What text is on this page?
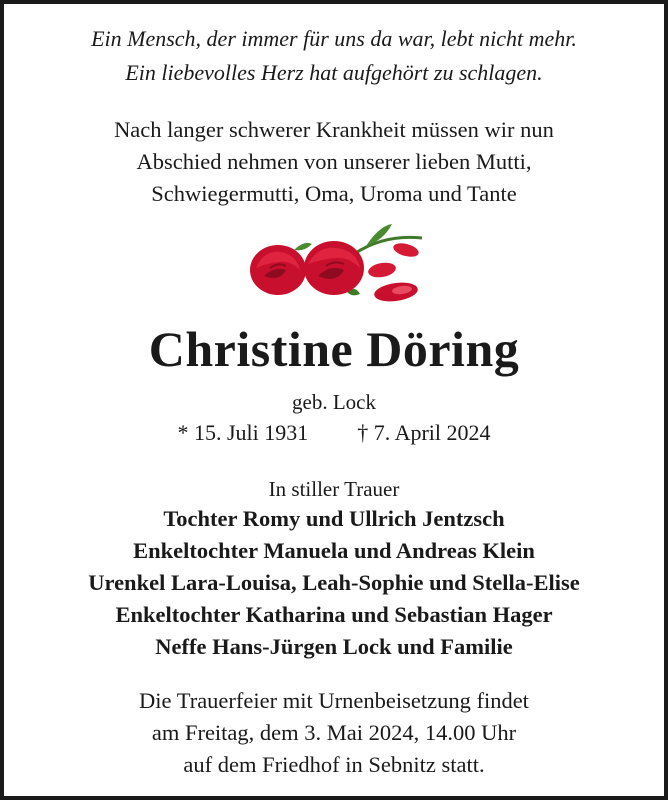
Ein Mensch, der immer für uns da war, lebt nicht mehr.
Ein liebevolles Herz hat aufgehört zu schlagen.
Nach langer schwerer Krankheit müssen wir nun
Abschied nehmen von unserer lieben Mutti,
Schwiegermutti, Oma, Uroma und Tante
Christine Döring
geb. Lock
* 15. Juli 1931 † 7. April 2024
In stiller Trauer
Tochter Romy und Ullrich Jentzsch
Enkeltochter Manuela und Andreas Klein
Urenkel Lara-Louisa, Leah-Sophie und Stella-Elise
Enkeltochter Katharina und Sebastian Hager
Neffe Hans-Jürgen Lock und Familie
Die Trauerfeier mit Urnenbeisetzung findet
am Freitag, dem 3. Mai 2024, 14.00 Uhr
auf dem Friedhof in Sebnitz statt.
